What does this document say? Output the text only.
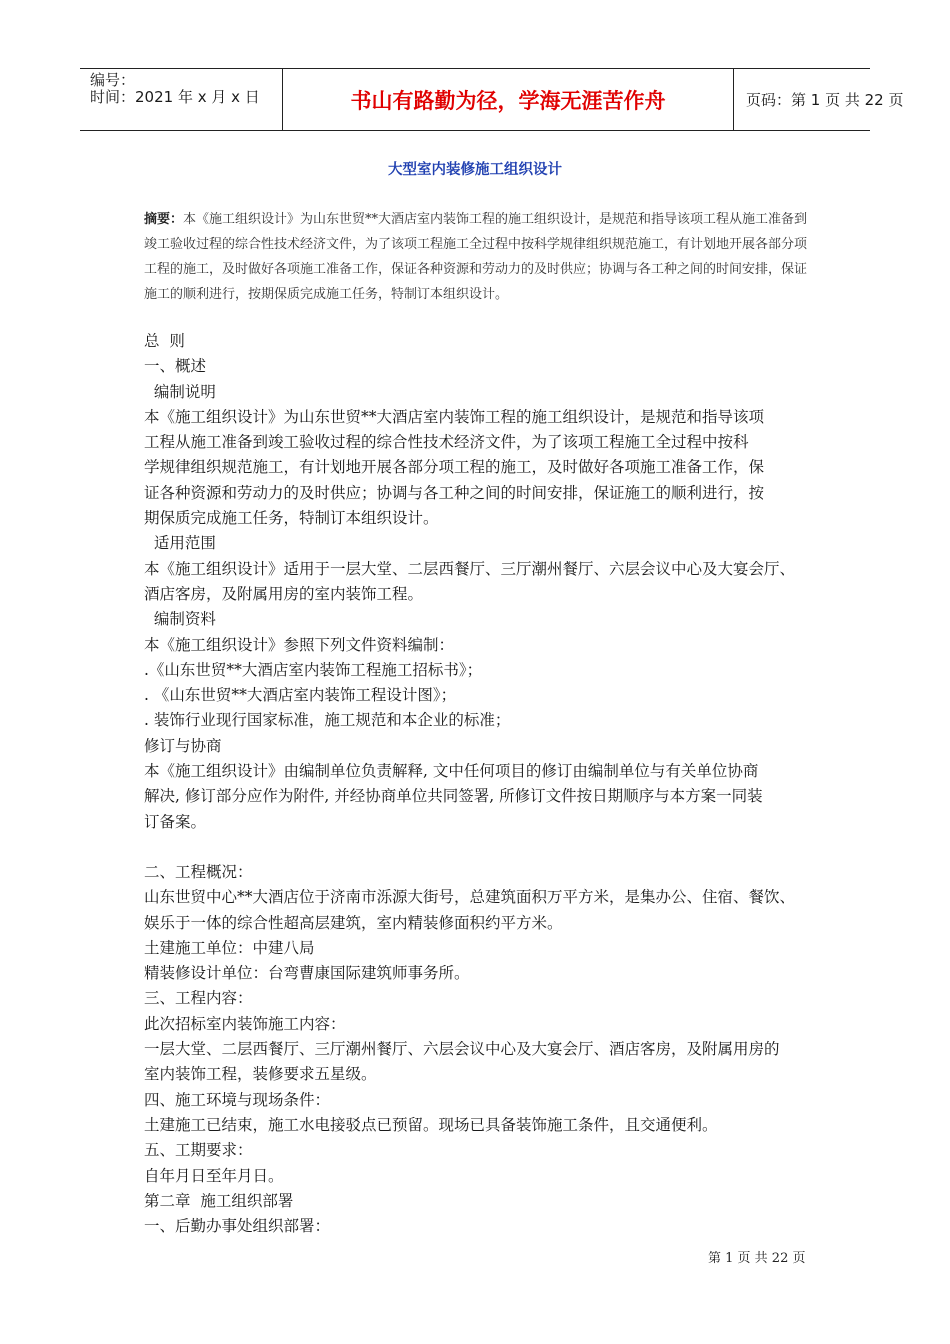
编号：
时间：2021 年 x 月 x 日	书山有路勤为径，学海无涯苦作舟	页码：第 1 页 共 22 页
大型室内装修施工组织设计
摘要：本《施工组织设计》为山东世贸**大酒店室内装饰工程的施工组织设计，是规范和指导该项工程从施工准备到竣工验收过程的综合性技术经济文件，为了该项工程施工全过程中按科学规律组织规范施工，有计划地开展各部分项工程的施工，及时做好各项施工准备工作，保证各种资源和劳动力的及时供应；协调与各工种之间的时间安排，保证施工的顺利进行，按期保质完成施工任务，特制订本组织设计。

总  则

一、概述

编制说明

本《施工组织设计》为山东世贸**大酒店室内装饰工程的施工组织设计，是规范和指导该项

工程从施工准备到竣工验收过程的综合性技术经济文件，为了该项工程施工全过程中按科

学规律组织规范施工，有计划地开展各部分项工程的施工，及时做好各项施工准备工作，保

证各种资源和劳动力的及时供应；协调与各工种之间的时间安排，保证施工的顺利进行，按

期保质完成施工任务，特制订本组织设计。

适用范围

本《施工组织设计》适用于一层大堂、二层西餐厅、三厅潮州餐厅、六层会议中心及大宴会厅、

酒店客房，及附属用房的室内装饰工程。

编制资料

本《施工组织设计》参照下列文件资料编制：

.《山东世贸**大酒店室内装饰工程施工招标书》；

. 《山东世贸**大酒店室内装饰工程设计图》；

. 装饰行业现行国家标准，施工规范和本企业的标准；

修订与协商

本《施工组织设计》由编制单位负责解释, 文中任何项目的修订由编制单位与有关单位协商

解决, 修订部分应作为附件, 并经协商单位共同签署, 所修订文件按日期顺序与本方案一同装

订备案。

二、工程概况：

山东世贸中心**大酒店位于济南市泺源大街号，总建筑面积万平方米，是集办公、住宿、餐饮、

娱乐于一体的综合性超高层建筑，室内精装修面积约平方米。

土建施工单位：中建八局

精装修设计单位：台弯曹康国际建筑师事务所。

三、工程内容：

此次招标室内装饰施工内容：

一层大堂、二层西餐厅、三厅潮州餐厅、六层会议中心及大宴会厅、酒店客房，及附属用房的

室内装饰工程，装修要求五星级。

四、施工环境与现场条件：

土建施工已结束，施工水电接驳点已预留。现场已具备装饰施工条件，且交通便利。

五、工期要求：

自年月日至年月日。

第二章  施工组织部署

一、后勤办事处组织部署：

第 1 页 共 22 页
